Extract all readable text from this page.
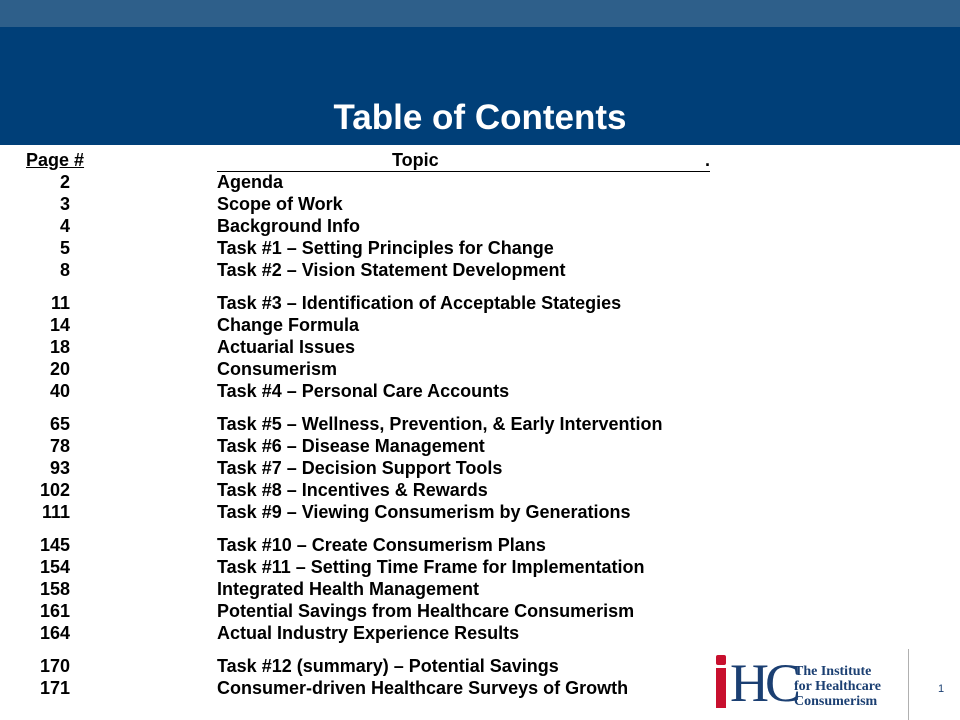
Table of Contents
Page #	Topic	.
2	Agenda
3	Scope of Work
4	Background Info
5	Task #1 – Setting Principles for Change
8	Task #2 – Vision Statement Development
11	Task #3 – Identification of Acceptable Stategies
14	Change Formula
18	Actuarial Issues
20	Consumerism
40	Task #4 – Personal Care Accounts
65	Task #5 – Wellness, Prevention, & Early Intervention
78	Task #6 – Disease Management
93	Task #7 – Decision Support Tools
102	Task #8 – Incentives & Rewards
111	Task #9 – Viewing Consumerism by Generations
145	Task #10 – Create Consumerism Plans
154	Task #11 – Setting Time Frame for Implementation
158	Integrated Health Management
161	Potential Savings from Healthcare Consumerism
164	Actual Industry Experience Results
170	Task #12 (summary) – Potential Savings
171	Consumer-driven Healthcare Surveys of Growth HC
The Institute
for Healthcare
Consumerism
1
